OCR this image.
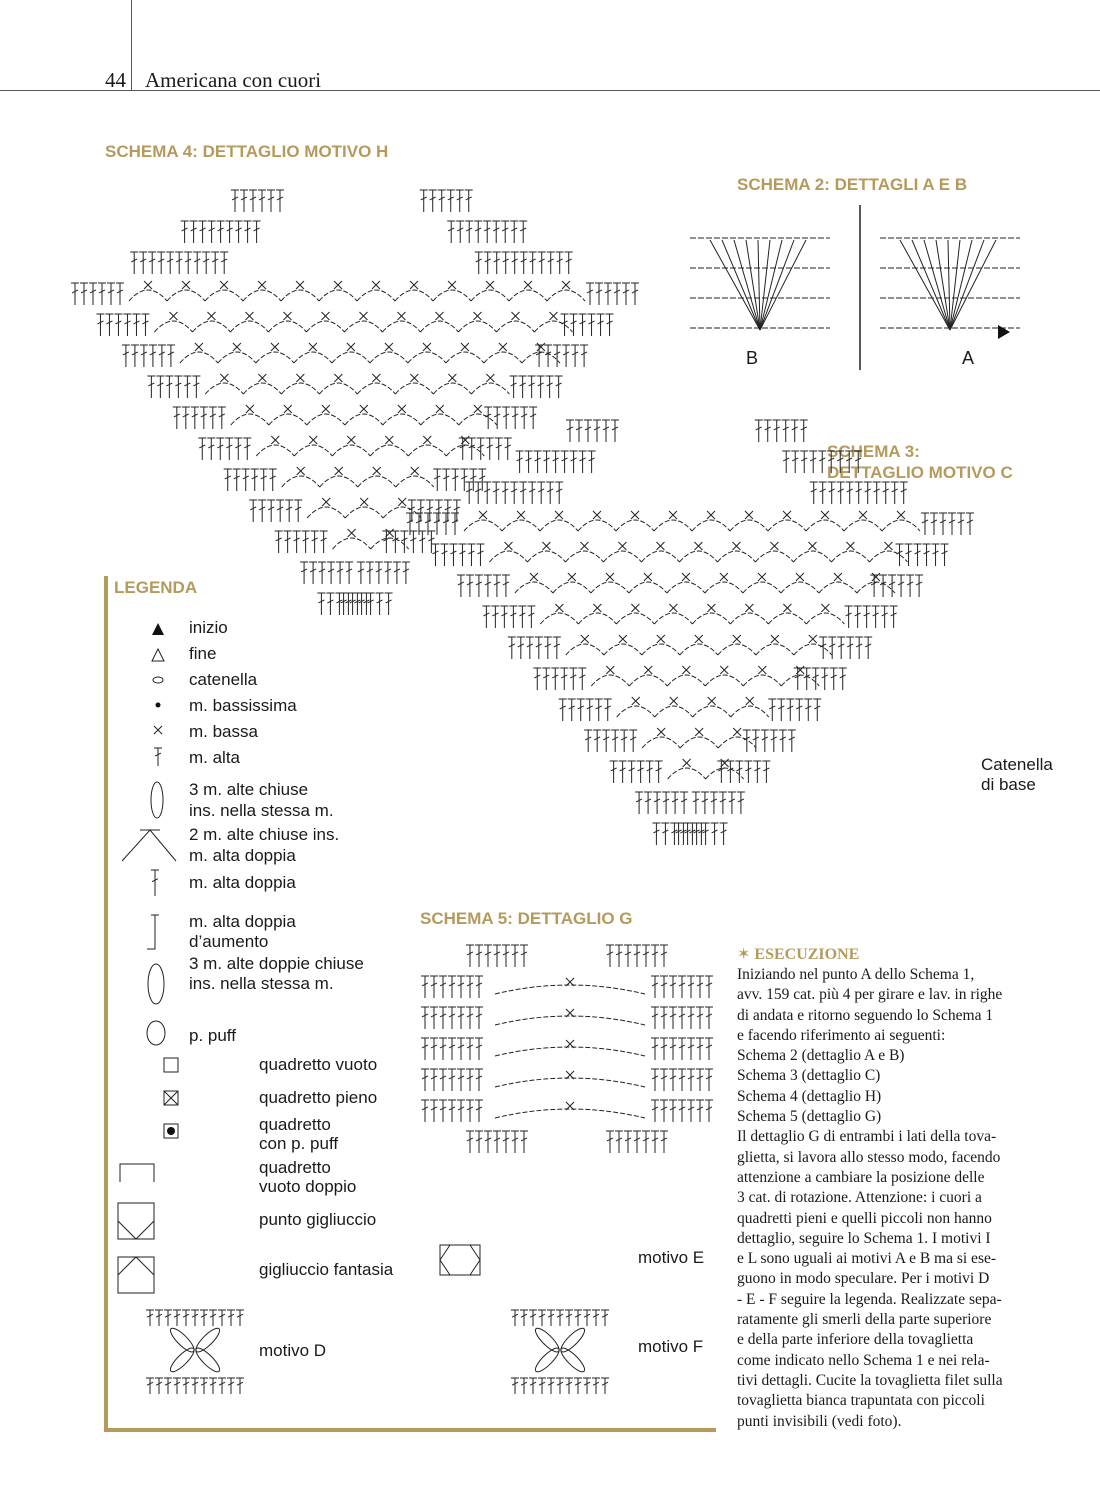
44 Americana con cuori
SCHEMA 4: DETTAGLIO MOTIVO H
SCHEMA 2: DETTAGLI A E B
SCHEMA 3:
DETTAGLIO MOTIVO C
SCHEMA 5: DETTAGLIO G
B	A
Catenella
di base
LEGENDA
inizio
fine
catenella
m. bassissima
m. bassa
m. alta
3 m. alte chiuse
ins. nella stessa m.
2 m. alte chiuse ins.
m. alta doppia
m. alta doppia
m. alta doppia
d’aumento
3 m. alte doppie chiuse
ins. nella stessa m.
p. puff
quadretto vuoto
quadretto pieno
quadretto
con p. puff
quadretto
vuoto doppio
punto gigliuccio
gigliuccio fantasia
motivo D
motivo E
motivo F
✶ ESECUZIONE
Iniziando nel punto A dello Schema 1,
avv. 159 cat. più 4 per girare e lav. in righe
di andata e ritorno seguendo lo Schema 1
e facendo riferimento ai seguenti:
Schema 2 (dettaglio A e B)
Schema 3 (dettaglio C)
Schema 4 (dettaglio H)
Schema 5 (dettaglio G)
Il dettaglio G di entrambi i lati della tova-
glietta, si lavora allo stesso modo, facendo
attenzione a cambiare la posizione delle
3 cat. di rotazione. Attenzione: i cuori a
quadretti pieni e quelli piccoli non hanno
dettaglio, seguire lo Schema 1. I motivi I
e L sono uguali ai motivi A e B ma si ese-
guono in modo speculare. Per i motivi D
- E - F seguire la legenda. Realizzate sepa-
ratamente gli smerli della parte superiore
e della parte inferiore della tovaglietta
come indicato nello Schema 1 e nei rela-
tivi dettagli. Cucite la tovaglietta filet sulla
tovaglietta bianca trapuntata con piccoli
punti invisibili (vedi foto).
